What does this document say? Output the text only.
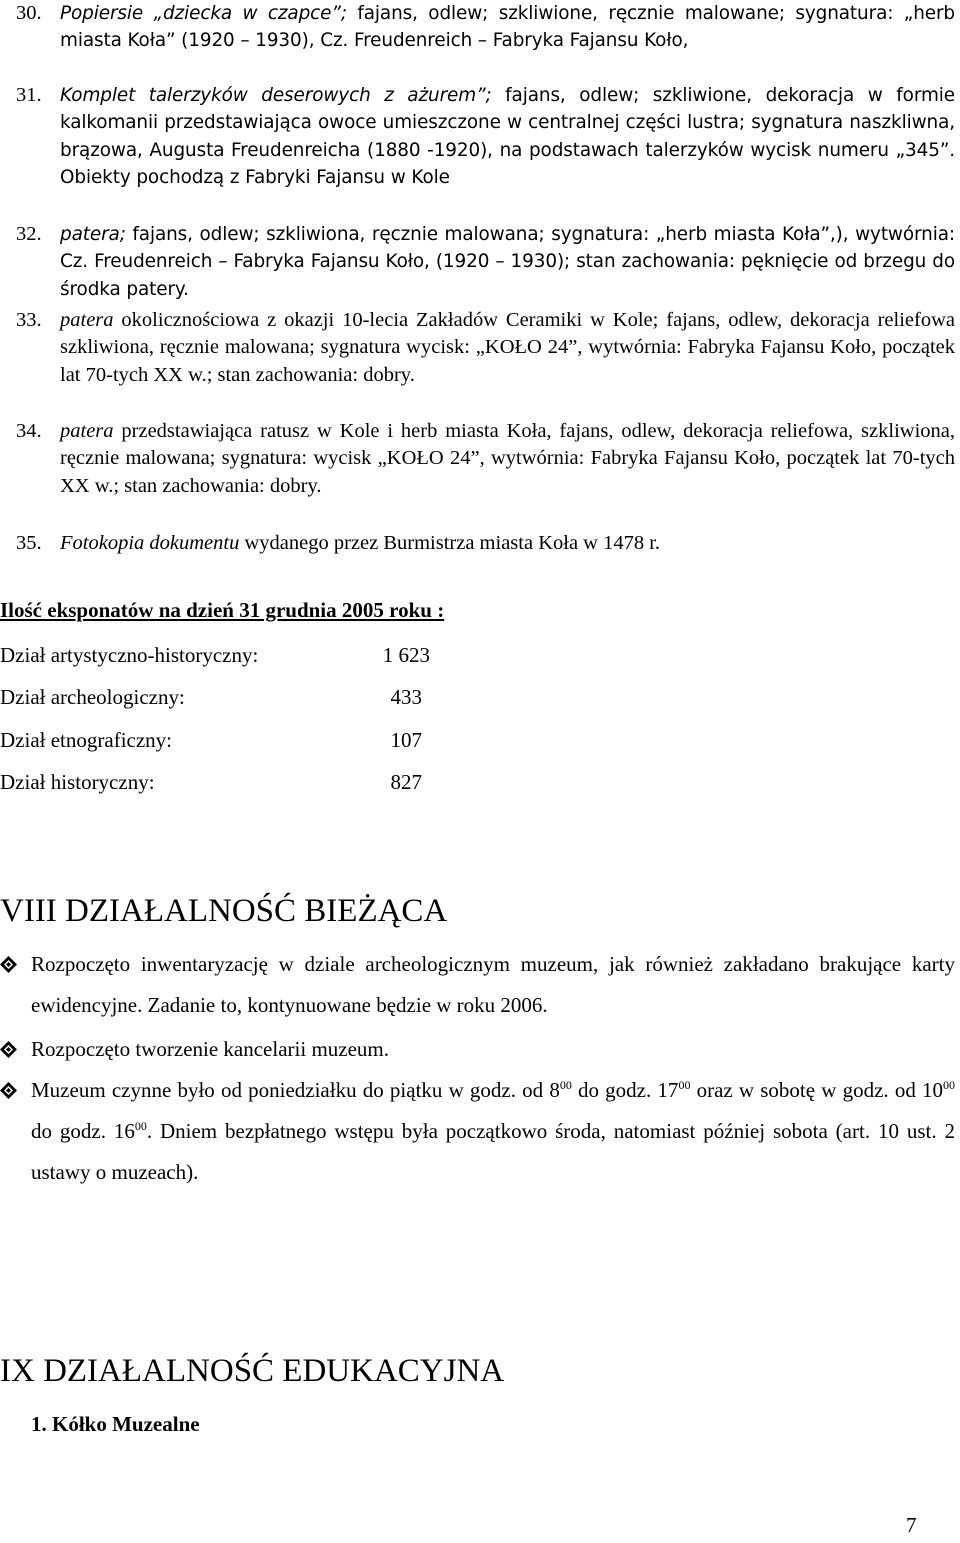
30. Popiersie „dziecka w czapce”; fajans, odlew; szkliwione, ręcznie malowane; sygnatura: „herb miasta Koła” (1920 – 1930), Cz. Freudenreich – Fabryka Fajansu Koło,
31. Komplet talerzyków deserowych z ażurem”; fajans, odlew; szkliwione, dekoracja w formie kalkomanii przedstawiająca owoce umieszczone w centralnej części lustra; sygnatura naszkliwna, brązowa, Augusta Freudenreicha (1880 -1920), na podstawach talerzyków wycisk numeru „345”. Obiekty pochodzą z Fabryki Fajansu w Kole
32. patera; fajans, odlew; szkliwiona, ręcznie malowana; sygnatura: „herb miasta Koła”,), wytwórnia: Cz. Freudenreich – Fabryka Fajansu Koło, (1920 – 1930); stan zachowania: pęknięcie od brzegu do środka patery.
33. patera okolicznościowa z okazji 10-lecia Zakładów Ceramiki w Kole; fajans, odlew, dekoracja reliefowa szkliwiona, ręcznie malowana; sygnatura wycisk: „KOŁO 24”, wytwórnia: Fabryka Fajansu Koło, początek lat 70-tych XX w.; stan zachowania: dobry.
34. patera przedstawiająca ratusz w Kole i herb miasta Koła, fajans, odlew, dekoracja reliefowa, szkliwiona, ręcznie malowana; sygnatura: wycisk „KOŁO 24”, wytwórnia: Fabryka Fajansu Koło, początek lat 70-tych XX w.; stan zachowania: dobry.
35. Fotokopia dokumentu wydanego przez Burmistrza miasta Koła w 1478 r.
Ilość eksponatów na dzień 31 grudnia 2005 roku :
Dział artystyczno-historyczny:	1 623
Dział archeologiczny:	433
Dział etnograficzny:	107
Dział historyczny:	827
VIII DZIAŁALNOŚĆ BIEŻĄCA
Rozpoczęto inwentaryzację w dziale archeologicznym muzeum, jak również zakładano brakujące karty ewidencyjne. Zadanie to, kontynuowane będzie w roku 2006.
Rozpoczęto tworzenie kancelarii muzeum.
Muzeum czynne było od poniedziałku do piątku w godz. od $8^{00}$ do godz. $17^{00}$ oraz w sobotę w godz. od $10^{00}$ do godz. $16^{00}$. Dniem bezpłatnego wstępu była początkowo środa, natomiast później sobota (art. 10 ust. 2 ustawy o muzeach).
IX DZIAŁALNOŚĆ EDUKACYJNA
1. Kółko Muzealne
7
